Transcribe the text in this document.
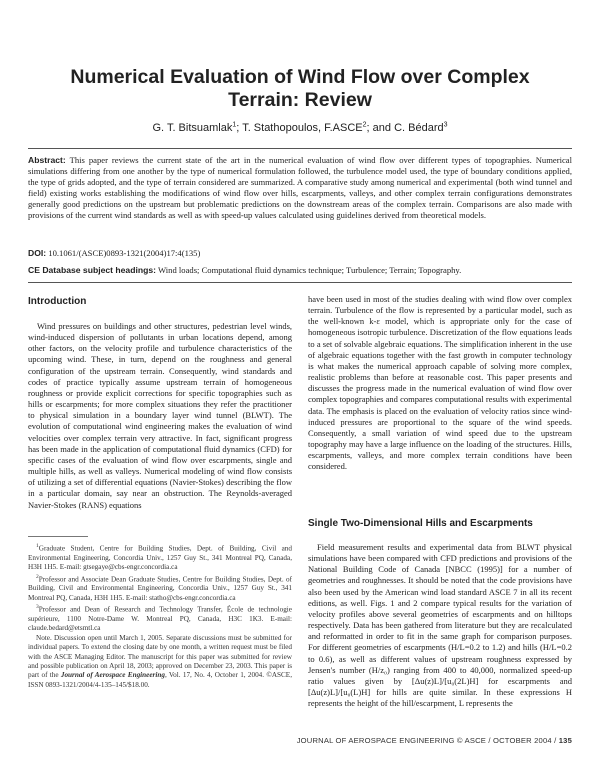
Numerical Evaluation of Wind Flow over Complex Terrain: Review
G. T. Bitsuamlak$^1$; T. Stathopoulos, F.ASCE$^2$; and C. Bédard$^3$
Abstract: This paper reviews the current state of the art in the numerical evaluation of wind flow over different types of topographies. Numerical simulations differing from one another by the type of numerical formulation followed, the turbulence model used, the type of boundary conditions applied, the type of grids adopted, and the type of terrain considered are summarized. A comparative study among numerical and experimental (both wind tunnel and field) existing works establishing the modifications of wind flow over hills, escarpments, valleys, and other complex terrain configurations demonstrates generally good predictions on the upstream but problematic predictions on the downstream areas of the complex terrain. Comparisons are also made with provisions of the current wind standards as well as with speed-up values calculated using guidelines derived from theoretical models.
DOI: 10.1061/(ASCE)0893-1321(2004)17:4(135)
CE Database subject headings: Wind loads; Computational fluid dynamics technique; Turbulence; Terrain; Topography.
Introduction

Wind pressures on buildings and other structures, pedestrian level winds, wind-induced dispersion of pollutants in urban locations depend, among other factors, on the velocity profile and turbulence characteristics of the upcoming wind. These, in turn, depend on the roughness and general configuration of the upstream terrain. Consequently, wind standards and codes of practice typically assume upstream terrain of homogeneous roughness or provide explicit corrections for specific topographies such as hills or escarpments; for more complex situations they refer the practitioner to physical simulation in a boundary layer wind tunnel (BLWT). The evolution of computational wind engineering makes the evaluation of wind velocities over complex terrain very attractive. In fact, significant progress has been made in the application of computational fluid dynamics (CFD) for specific cases of the evaluation of wind flow over escarpments, single and multiple hills, as well as valleys. Numerical modeling of wind flow consists of utilizing a set of differential equations (Navier-Stokes) describing the flow in a particular domain, say near an obstruction. The Reynolds-averaged Navier-Stokes (RANS) equations

$^1$Graduate Student, Centre for Building Studies, Dept. of Building, Civil and Environmental Engineering, Concordia Univ., 1257 Guy St., 341 Montreal PQ, Canada, H3H 1H5. E-mail: gtsegaye@cbs-engr.concordia.ca

$^2$Professor and Associate Dean Graduate Studies, Centre for Building Studies, Dept. of Building, Civil and Environmental Engineering, Concordia Univ., 1257 Guy St., 341 Montreal PQ, Canada, H3H 1H5. E-mail: statho@cbs-engr.concordia.ca

$^3$Professor and Dean of Research and Technology Transfer, École de technologie supérieure, 1100 Notre-Dame W. Montreal PQ, Canada, H3C 1K3. E-mail: claude.bedard@etsmtl.ca

Note. Discussion open until March 1, 2005. Separate discussions must be submitted for individual papers. To extend the closing date by one month, a written request must be filed with the ASCE Managing Editor. The manuscript for this paper was submitted for review and possible publication on April 18, 2003; approved on December 23, 2003. This paper is part of the Journal of Aerospace Engineering, Vol. 17, No. 4, October 1, 2004. ©ASCE, ISSN 0893-1321/2004/4-135–145/$18.00.

have been used in most of the studies dealing with wind flow over complex terrain. Turbulence of the flow is represented by a particular model, such as the well-known k-ε model, which is appropriate only for the case of homogeneous isotropic turbulence. Discretization of the flow equations leads to a set of solvable algebraic equations. The simplification inherent in the use of algebraic equations together with the fast growth in computer technology is what makes the numerical approach capable of solving more complex, realistic problems than before at reasonable cost. This paper presents and discusses the progress made in the numerical evaluation of wind flow over complex topographies and compares computational results with experimental data. The emphasis is placed on the evaluation of velocity ratios since wind-induced pressures are proportional to the square of the wind speeds. Consequently, a small variation of wind speed due to the upstream topography may have a large influence on the loading of the structures. Hills, escarpments, valleys, and more complex terrain conditions have been considered.

Single Two-Dimensional Hills and Escarpments

Field measurement results and experimental data from BLWT physical simulations have been compared with CFD predictions and provisions of the National Building Code of Canada [NBCC (1995)] for a number of geometries and roughnesses. It should be noted that the code provisions have also been used by the American wind load standard ASCE 7 in all its recent editions, as well. Figs. 1 and 2 compare typical results for the variation of velocity profiles above several geometries of escarpments and on hilltops respectively. Data has been gathered from literature but they are recalculated and reformatted in order to fit in the same graph for comparison purposes. For different geometries of escarpments (H/L=0.2 to 1.2) and hills (H/L=0.2 to 0.6), as well as different values of upstream roughness expressed by Jensen's number (H/z₀) ranging from 400 to 40,000, normalized speed-up ratio values given by [Δu(z)L]/[u₀(2L)H] for escarpments and [Δu(z)L]/[u₀(L)H] for hills are quite similar. In these expressions H represents the height of the hill/escarpment, L represents the

JOURNAL OF AEROSPACE ENGINEERING © ASCE / OCTOBER 2004 / 135
